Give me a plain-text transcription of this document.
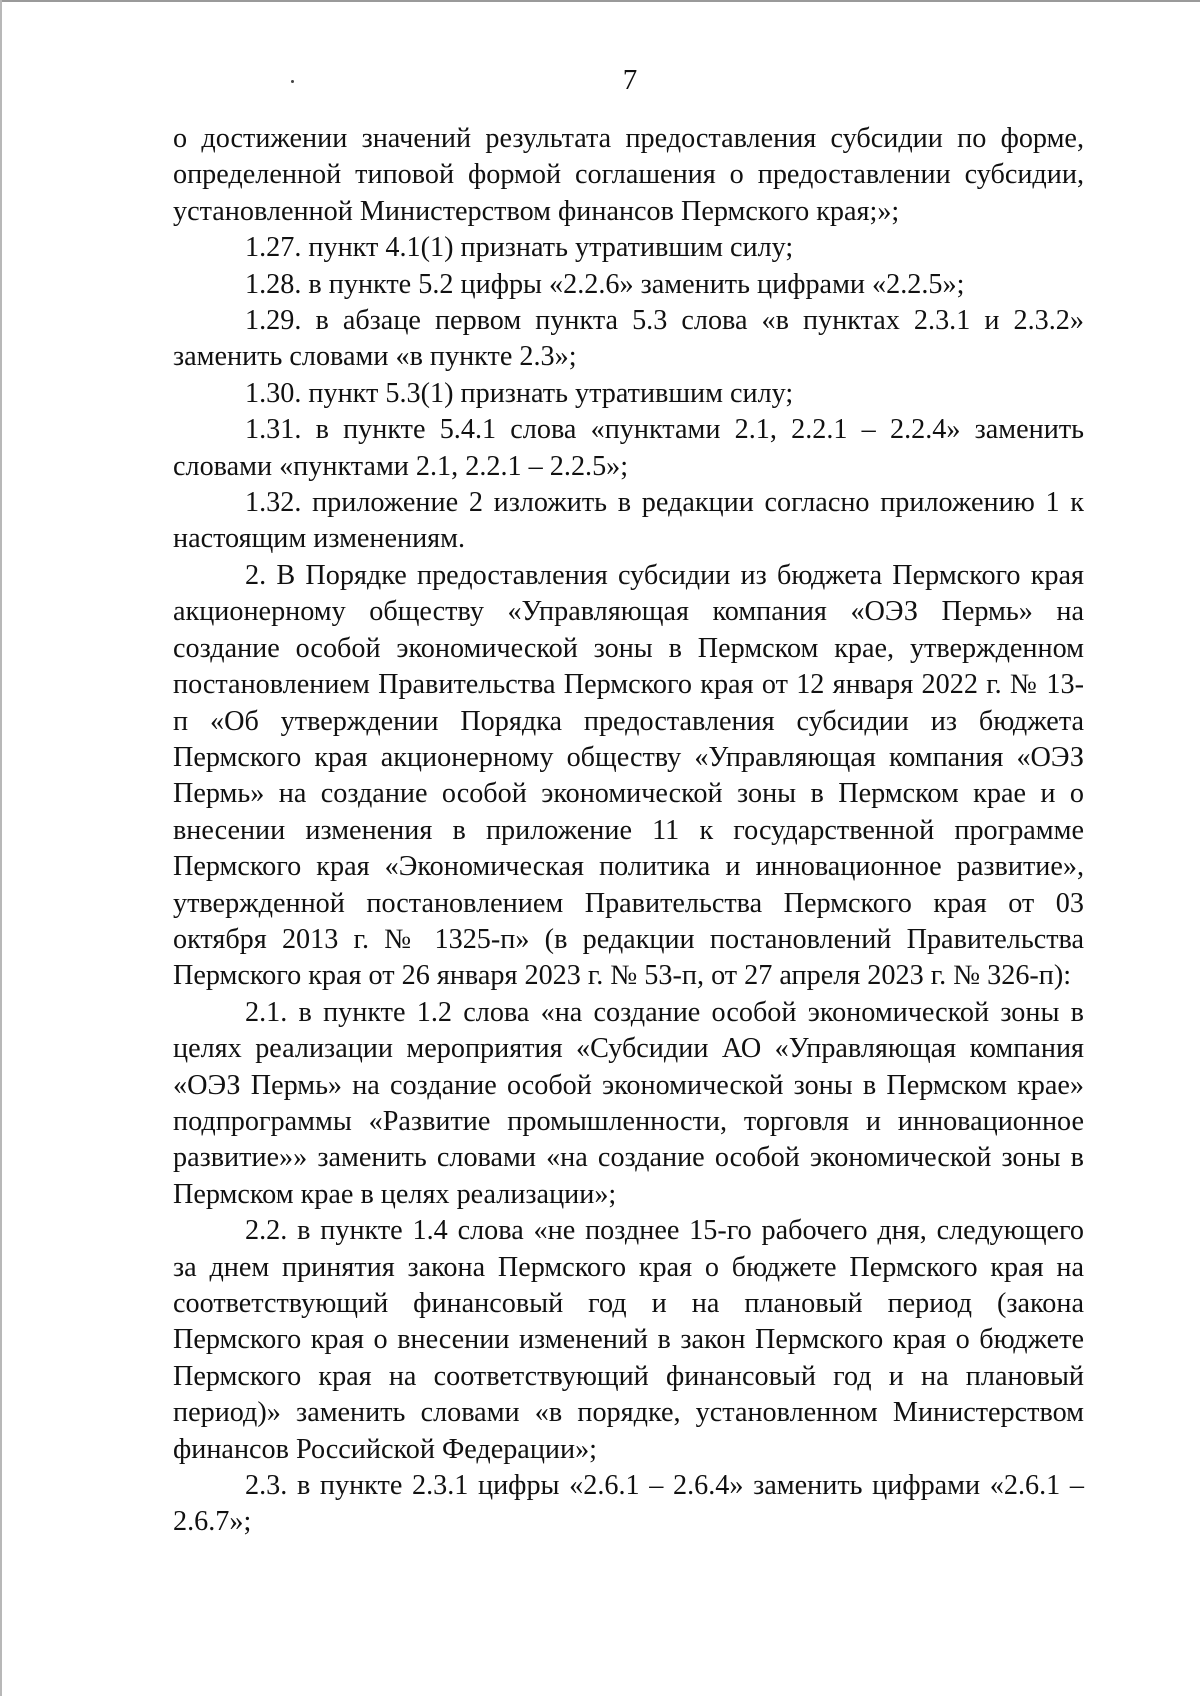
7

о достижении значений результата предоставления субсидии по форме, определенной типовой формой соглашения о предоставлении субсидии, установленной Министерством финансов Пермского края;»;

1.27. пункт 4.1(1) признать утратившим силу;

1.28. в пункте 5.2 цифры «2.2.6» заменить цифрами «2.2.5»;

1.29. в абзаце первом пункта 5.3 слова «в пунктах 2.3.1 и 2.3.2» заменить словами «в пункте 2.3»;

1.30. пункт 5.3(1) признать утратившим силу;

1.31. в пункте 5.4.1 слова «пунктами 2.1, 2.2.1 – 2.2.4» заменить словами «пунктами 2.1, 2.2.1 – 2.2.5»;

1.32. приложение 2 изложить в редакции согласно приложению 1 к настоящим изменениям.

2. В Порядке предоставления субсидии из бюджета Пермского края акционерному обществу «Управляющая компания «ОЭЗ Пермь» на создание особой экономической зоны в Пермском крае, утвержденном постановлением Правительства Пермского края от 12 января 2022 г. № 13-п «Об утверждении Порядка предоставления субсидии из бюджета Пермского края акционерному обществу «Управляющая компания «ОЭЗ Пермь» на создание особой экономической зоны в Пермском крае и о внесении изменения в приложение 11 к государственной программе Пермского края «Экономическая политика и инновационное развитие», утвержденной постановлением Правительства Пермского края от 03 октября 2013 г. № 1325-п» (в редакции постановлений Правительства Пермского края от 26 января 2023 г. № 53-п, от 27 апреля 2023 г. № 326-п):

2.1. в пункте 1.2 слова «на создание особой экономической зоны в целях реализации мероприятия «Субсидии АО «Управляющая компания «ОЭЗ Пермь» на создание особой экономической зоны в Пермском крае» подпрограммы «Развитие промышленности, торговля и инновационное развитие»» заменить словами «на создание особой экономической зоны в Пермском крае в целях реализации»;

2.2. в пункте 1.4 слова «не позднее 15-го рабочего дня, следующего за днем принятия закона Пермского края о бюджете Пермского края на соответствующий финансовый год и на плановый период (закона Пермского края о внесении изменений в закон Пермского края о бюджете Пермского края на соответствующий финансовый год и на плановый период)» заменить словами «в порядке, установленном Министерством финансов Российской Федерации»;

2.3. в пункте 2.3.1 цифры «2.6.1 – 2.6.4» заменить цифрами «2.6.1 – 2.6.7»;
